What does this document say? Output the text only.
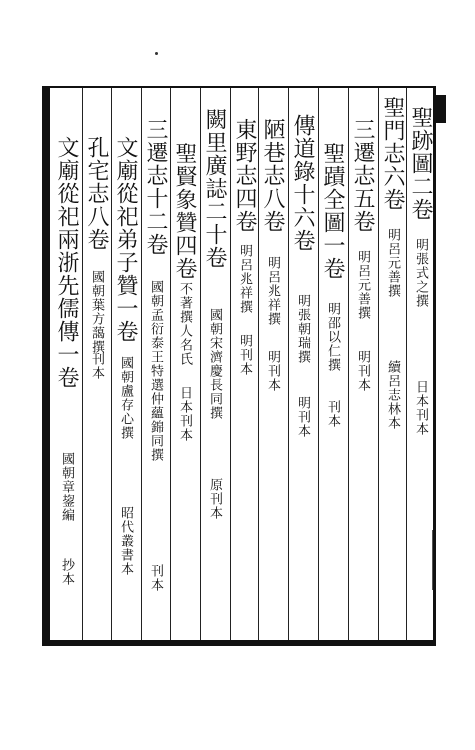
聖跡圖二卷
明張式之撰
日本刊本
聖門志六卷
明呂元善撰
續呂志林本
三遷志五卷
明呂元善撰
明刊本
聖蹟全圖一卷
明邵以仁撰
刊本
傳道錄十六卷
明張朝瑞撰
明刊本
陋巷志八卷
明呂兆祥撰
明刊本
東野志四卷
明呂兆祥撰
明刊本
闕里廣誌二十卷
國朝宋濟慶長同撰
原刊本
聖賢象贊四卷
不著撰人名氏
日本刊本
三遷志十二卷
國朝孟衍泰王特選仲蘊錦同撰
刊本
文廟從祀弟子贊一卷
國朝盧存心撰
昭代叢書本
孔宅志八卷
國朝葉方藹撰
刊本
文廟從祀兩浙先儒傳一卷
國朝章鋆編
抄本
